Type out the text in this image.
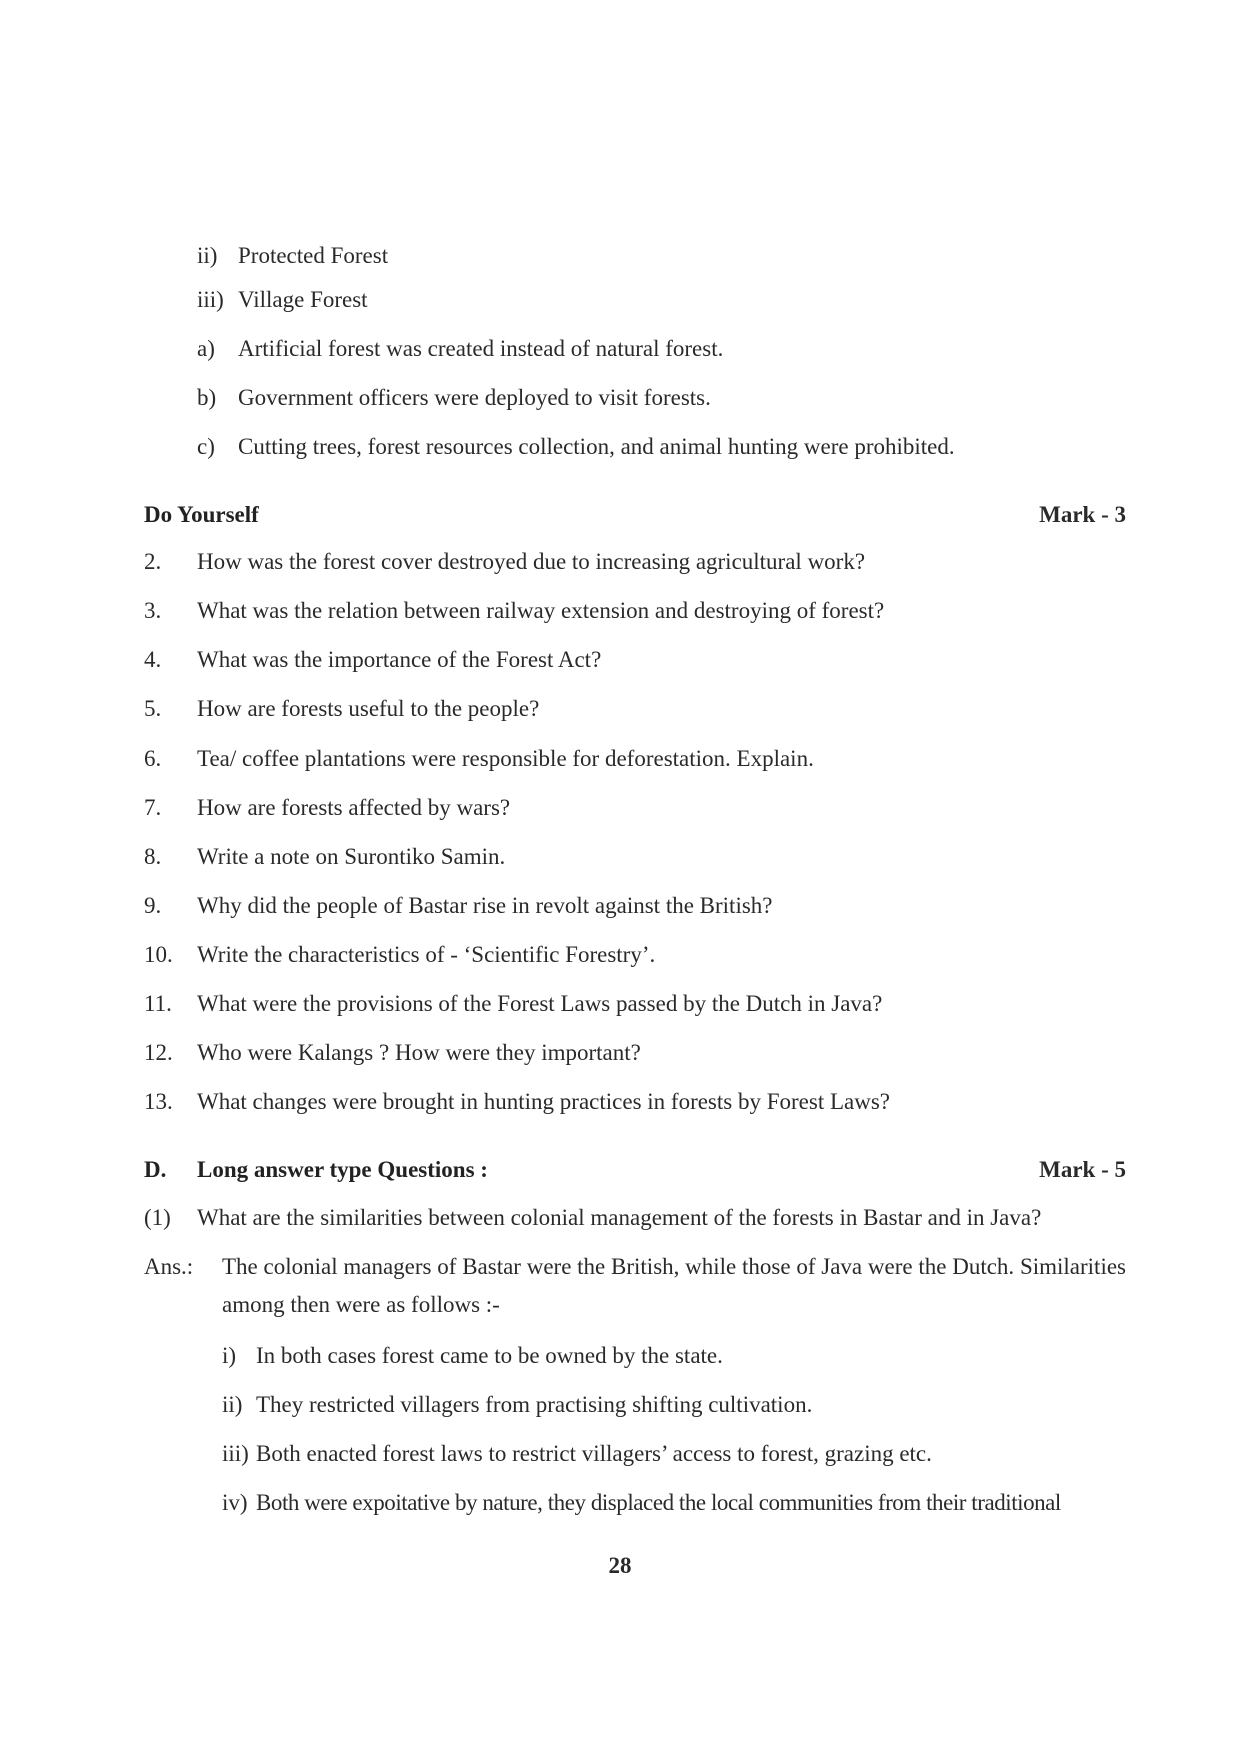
ii) Protected Forest
iii) Village Forest
a) Artificial forest was created instead of natural forest.
b) Government officers were deployed to visit forests.
c) Cutting trees, forest resources collection, and animal hunting were prohibited.
Do Yourself	Mark - 3
2. How was the forest cover destroyed due to increasing agricultural work?
3. What was the relation between railway extension and destroying of forest?
4. What was the importance of the Forest Act?
5. How are forests useful to the people?
6. Tea/ coffee plantations were responsible for deforestation. Explain.
7. How are forests affected by wars?
8. Write a note on Surontiko Samin.
9. Why did the people of Bastar rise in revolt against the British?
10. Write the characteristics of - ‘Scientific Forestry’.
11. What were the provisions of the Forest Laws passed by the Dutch in Java?
12. Who were Kalangs ? How were they important?
13. What changes were brought in hunting practices in forests by Forest Laws?
D. Long answer type Questions :	Mark - 5
(1) What are the similarities between colonial management of the forests in Bastar and in Java?
Ans.: The colonial managers of Bastar were the British, while those of Java were the Dutch. Similarities among then were as follows :-
i) In both cases forest came to be owned by the state.
ii) They restricted villagers from practising shifting cultivation.
iii) Both enacted forest laws to restrict villagers’ access to forest, grazing etc.
iv) Both were expoitative by nature, they displaced the local communities from their traditional
28
